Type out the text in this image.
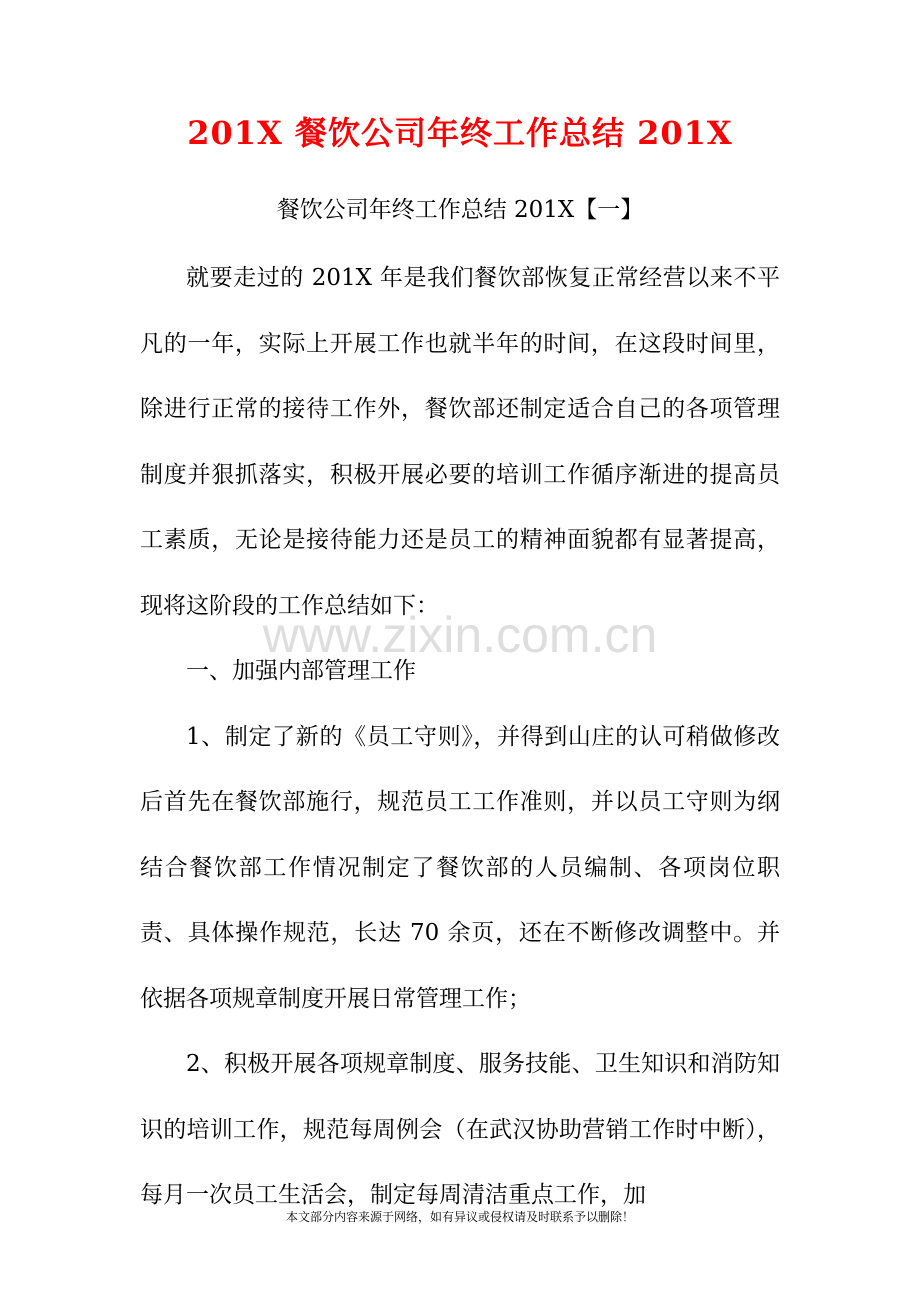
201X 餐饮公司年终工作总结 201X
餐饮公司年终工作总结 201X【一】

就要走过的 201X 年是我们餐饮部恢复正常经营以来不平凡的一年，实际上开展工作也就半年的时间，在这段时间里，除进行正常的接待工作外，餐饮部还制定适合自己的各项管理制度并狠抓落实，积极开展必要的培训工作循序渐进的提高员工素质，无论是接待能力还是员工的精神面貌都有显著提高，现将这阶段的工作总结如下：

一、加强内部管理工作

1、制定了新的《员工守则》，并得到山庄的认可稍做修改后首先在餐饮部施行，规范员工工作准则，并以员工守则为纲结合餐饮部工作情况制定了餐饮部的人员编制、各项岗位职责、具体操作规范，长达 70 余页，还在不断修改调整中。并依据各项规章制度开展日常管理工作；

2、积极开展各项规章制度、服务技能、卫生知识和消防知识的培训工作，规范每周例会（在武汉协助营销工作时中断），每月一次员工生活会，制定每周清洁重点工作，加

www.zixin.com.cn
本文部分内容来源于网络，如有异议或侵权请及时联系予以删除！
